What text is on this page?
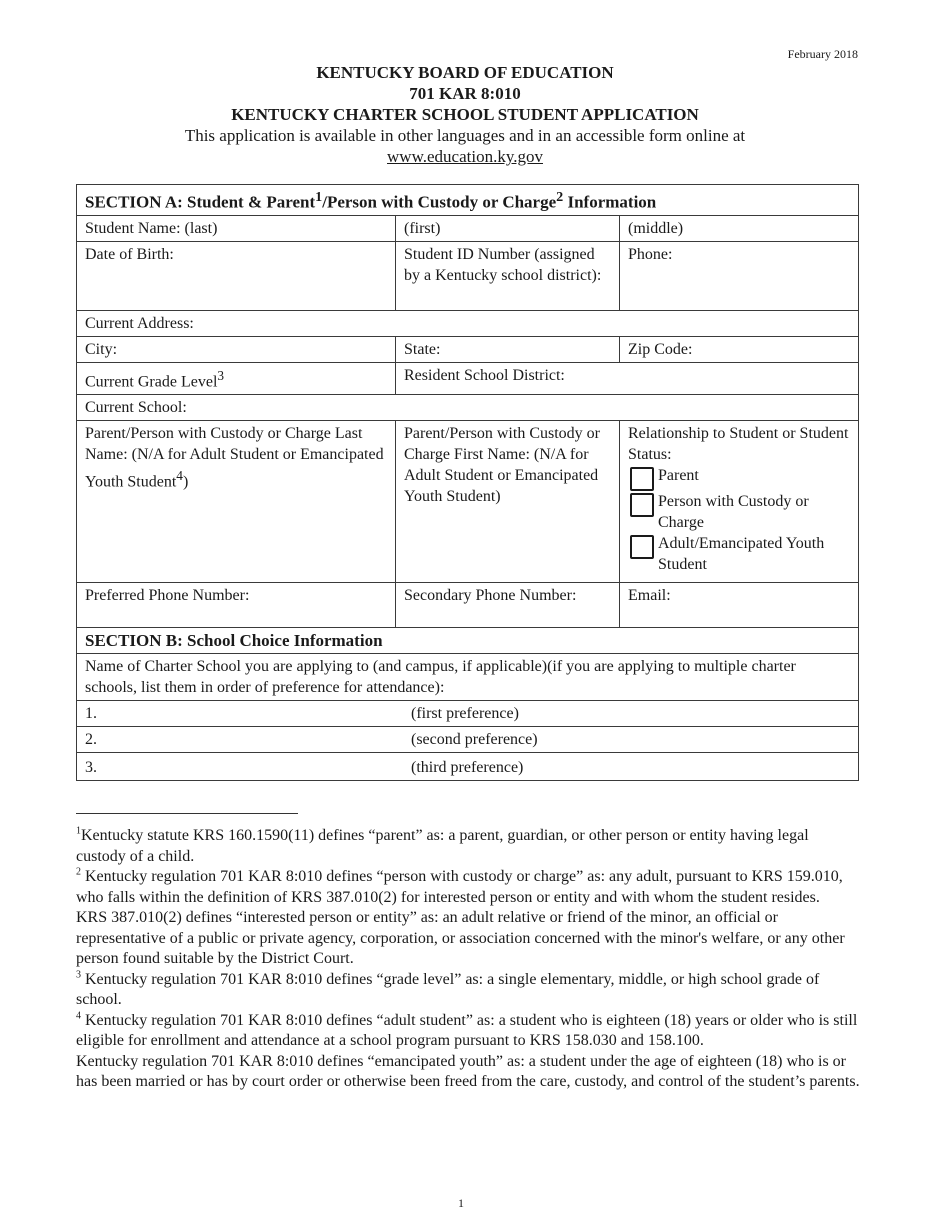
February 2018
KENTUCKY BOARD OF EDUCATION
701 KAR 8:010
KENTUCKY CHARTER SCHOOL STUDENT APPLICATION
This application is available in other languages and in an accessible form online at
www.education.ky.gov
SECTION A: Student & Parent$^1$/Person with Custody or Charge$^2$ Information		
Student Name: (last)	(first)	(middle)
Date of Birth:	Student ID Number (assigned by a Kentucky school district):	Phone:
Current Address:		
City:	State:	Zip Code:
Current Grade Level$^3$	Resident School District:	
Current School:		
Parent/Person with Custody or Charge Last Name: (N/A for Adult Student or Emancipated Youth Student$^4$)	Parent/Person with Custody or Charge First Name: (N/A for Adult Student or Emancipated Youth Student)	Relationship to Student or Student Status:
Parent
Person with Custody or Charge
Adult/Emancipated Youth Student

Preferred Phone Number:	Secondary Phone Number:	Email:
SECTION B: School Choice Information		
Name of Charter School you are applying to (and campus, if applicable)(if you are applying to multiple charter schools, list them in order of preference for attendance):		
1. (first preference)		
2. (second preference)		
3. (third preference)		

$^1$Kentucky statute KRS 160.1590(11) defines “parent” as: a parent, guardian, or other person or entity having legal custody of a child.

$^2$ Kentucky regulation 701 KAR 8:010 defines “person with custody or charge” as: any adult, pursuant to KRS 159.010, who falls within the definition of KRS 387.010(2) for interested person or entity and with whom the student resides.

KRS 387.010(2) defines “interested person or entity” as: an adult relative or friend of the minor, an official or representative of a public or private agency, corporation, or association concerned with the minor's welfare, or any other person found suitable by the District Court.

$^3$ Kentucky regulation 701 KAR 8:010 defines “grade level” as: a single elementary, middle, or high school grade of school.

$^4$ Kentucky regulation 701 KAR 8:010 defines “adult student” as: a student who is eighteen (18) years or older who is still eligible for enrollment and attendance at a school program pursuant to KRS 158.030 and 158.100.

Kentucky regulation 701 KAR 8:010 defines “emancipated youth” as: a student under the age of eighteen (18) who is or has been married or has by court order or otherwise been freed from the care, custody, and control of the student’s parents.

1
